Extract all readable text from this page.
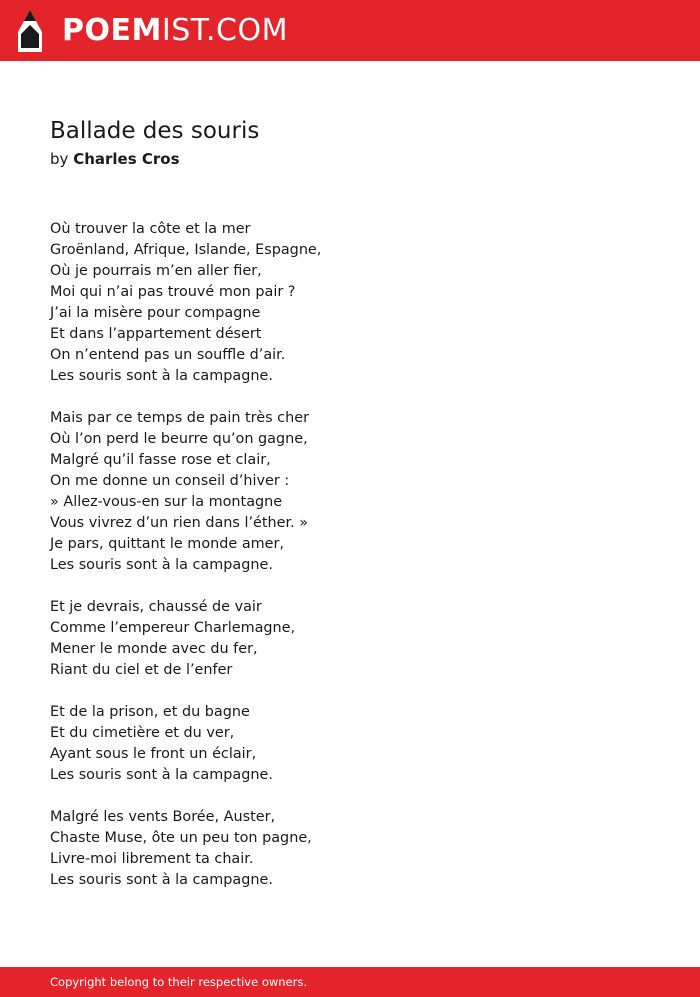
POEMIST.COM
Ballade des souris
by Charles Cros
Où trouver la côte et la mer
Groënland, Afrique, Islande, Espagne,
Où je pourrais m’en aller fier,
Moi qui n’ai pas trouvé mon pair ?
J’ai la misère pour compagne
Et dans l’appartement désert
On n’entend pas un souffle d’air.
Les souris sont à la campagne.
Mais par ce temps de pain très cher
Où l’on perd le beurre qu’on gagne,
Malgré qu’il fasse rose et clair,
On me donne un conseil d’hiver :
» Allez-vous-en sur la montagne
Vous vivrez d’un rien dans l’éther. »
Je pars, quittant le monde amer,
Les souris sont à la campagne.
Et je devrais, chaussé de vair
Comme l’empereur Charlemagne,
Mener le monde avec du fer,
Riant du ciel et de l’enfer
Et de la prison, et du bagne
Et du cimetière et du ver,
Ayant sous le front un éclair,
Les souris sont à la campagne.
Malgré les vents Borée, Auster,
Chaste Muse, ôte un peu ton pagne,
Livre-moi librement ta chair.
Les souris sont à la campagne.
Copyright belong to their respective owners.
